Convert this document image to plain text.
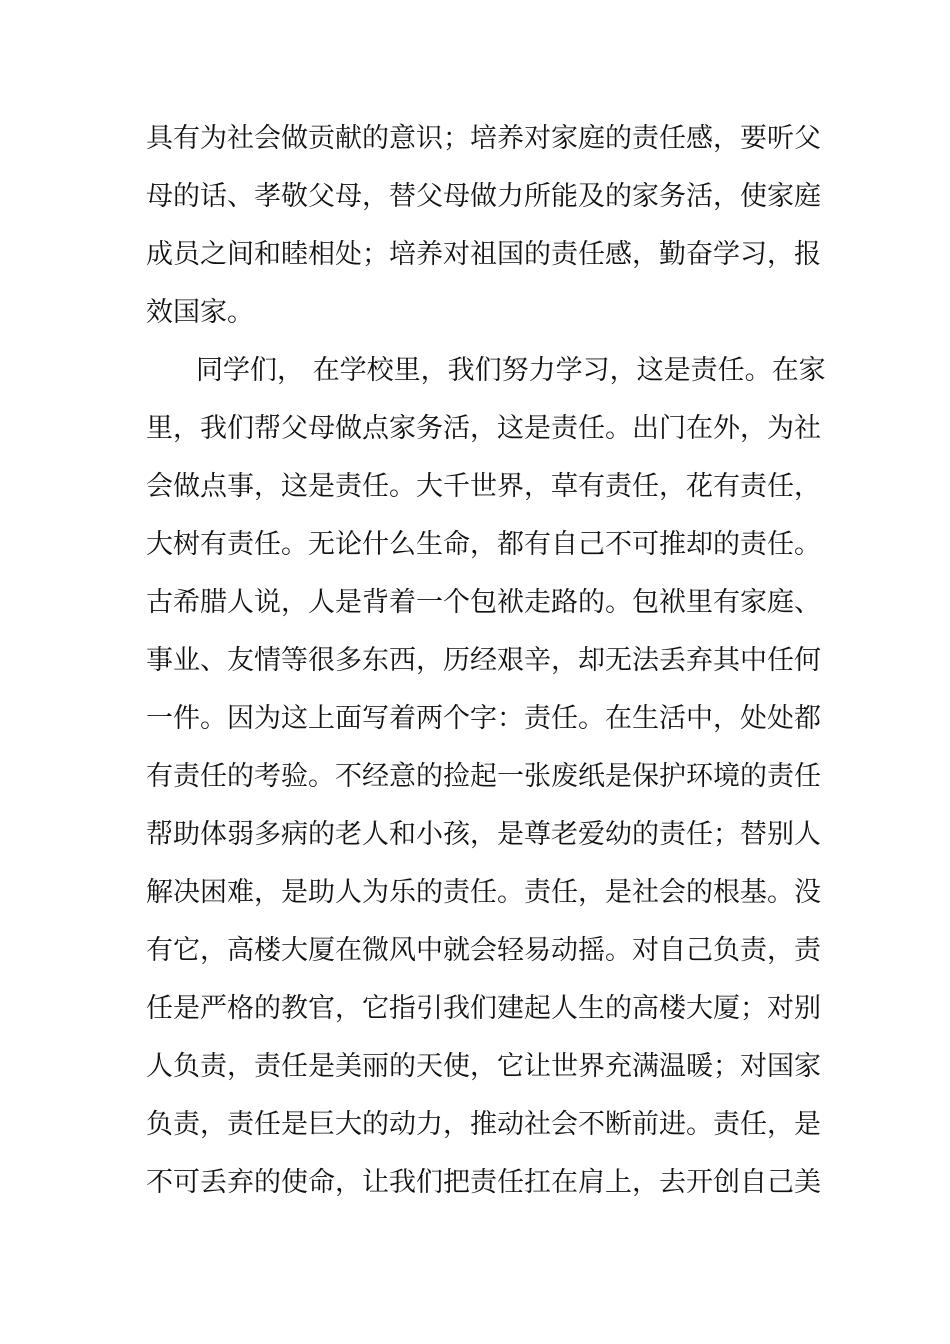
具有为社会做贡献的意识；培养对家庭的责任感，要听父
母的话、孝敬父母，替父母做力所能及的家务活，使家庭
成员之间和睦相处；培养对祖国的责任感，勤奋学习，报
效国家。
同学们， 在学校里，我们努力学习，这是责任。在家
里，我们帮父母做点家务活，这是责任。出门在外，为社
会做点事，这是责任。大千世界，草有责任，花有责任，
大树有责任。无论什么生命，都有自己不可推却的责任。
古希腊人说，人是背着一个包袱走路的。包袱里有家庭、
事业、友情等很多东西，历经艰辛，却无法丢弃其中任何
一件。因为这上面写着两个字：责任。在生活中，处处都
有责任的考验。不经意的捡起一张废纸是保护环境的责任
帮助体弱多病的老人和小孩，是尊老爱幼的责任；替别人
解决困难，是助人为乐的责任。责任，是社会的根基。没
有它，高楼大厦在微风中就会轻易动摇。对自己负责，责
任是严格的教官，它指引我们建起人生的高楼大厦；对别
人负责，责任是美丽的天使，它让世界充满温暖；对国家
负责，责任是巨大的动力，推动社会不断前进。责任，是
不可丢弃的使命，让我们把责任扛在肩上，去开创自己美
